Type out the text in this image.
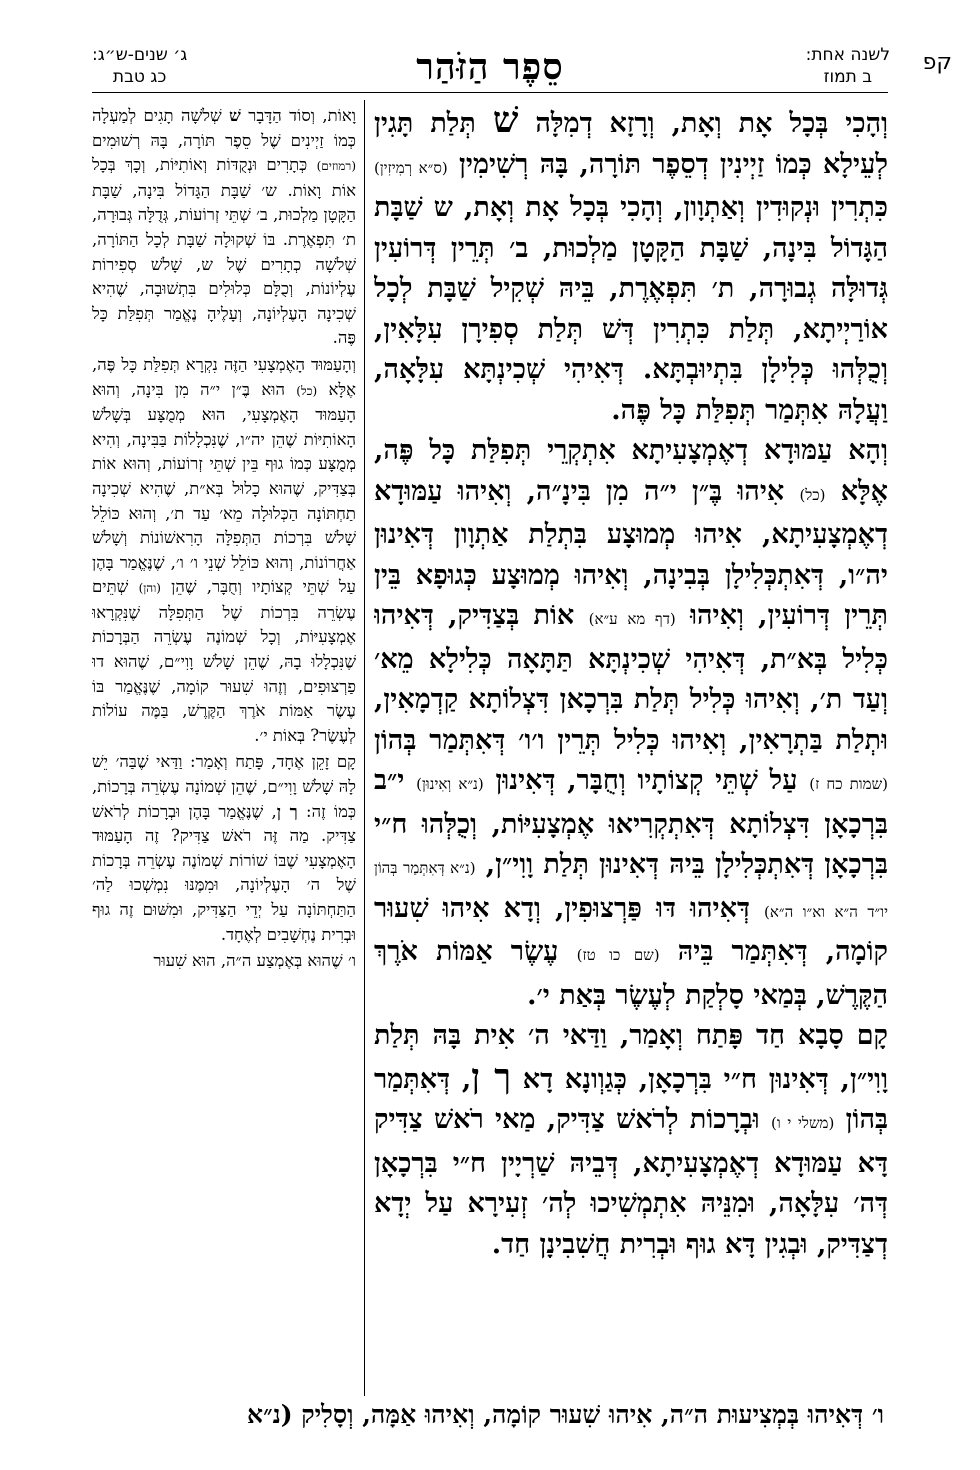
קפ
לשנה אחת:
ב תמוז
סֵפֶר הַזֹּהַר
ג׳ שנים-ש״ג:
כג טבת

וְהָכִי בְּכָל אָת וְאָת, וְרָזָא דְמִלָּה שׁ תְּלַת תָּגִין לְעֵילָא כְּמוֹ זַיְינִין דְסֵפֶר תּוֹרָה, בָּהּ רְשִׁימִין (ס״א רְמִיזִין) כִּתְרִין וּנְקוּדִין וְאַתְוָון, וְהָכִי בְּכָל אָת וְאָת, ש שַׁבָּת הַגָּדוֹל בִּינָה, שַׁבָּת הַקָּטָן מַלְכוּת, ב׳ תְּרֵין דְּרוֹעִין גְּדוּלָּה גְבוּרָה, ת׳ תִּפְאֶרֶת, בֵּיהּ שְׁקִיל שַׁבָּת לְכָל אוֹרַיְיתָא, תְּלַת כִּתְרִין דְּשׁ תְּלַת סְפִירָן עִלָּאִין, וְכֻלְּהוּ כְּלִילָן בִּתְיוּבְתָּא. דְּאִיהִי שְׁכִינְתָּא עִלָּאָה, וַעֲלָהּ אִתְּמַר תְּפִלַּת כָּל פֶּה.

וְהָא עַמּוּדָא דְאֶמְצָעִיתָא אִתְקְרֵי תְּפִלַּת כָּל פֶּה, אֶלָּא (כל) אִיהוּ בֶּ״ן י״ה מִן בִּינָ״ה, וְאִיהוּ עַמּוּדָא דְאֶמְצָעִיתָא, אִיהוּ מְמוּצָע בִּתְלַת אַתְוָון דְּאִינוּן יה״ו, דְּאִתְכְּלִילָן בְּבִינָה, וְאִיהוּ מְמוּצָע כְּגוּפָא בֵּין תְּרֵין דְּרוֹעִין, וְאִיהוּ (דף מא ע״א) אוֹת בְּצַדִּיק, דְּאִיהוּ כְּלִיל בְּא״ת, דְּאִיהִי שְׁכִינְתָּא תַּתָּאָה כְּלִילָא מֵא׳ וְעַד ת׳, וְאִיהוּ כְּלִיל תְּלַת בִּרְכָאן דִּצְלוֹתָא קַדְמָאִין, וּתְלַת בַּתְרָאִין, וְאִיהוּ כְּלִיל תְּרֵין ו׳ו׳ דְּאִתְּמַר בְּהוֹן (שמות כח ז) עַל שְׁתֵּי קְצוֹתָיו וְחֻבָּר, דְּאִינוּן (נ״א וְאִינוּן) י״ב בִּרְכָאָן דִּצְלוֹתָא דְּאִתְקְרִיאוּ אֶמְצָעִיּוֹת, וְכֻלְּהוּ ח״י בִּרְכָאָן דְּאִתְכְּלִילָן בֵּיהּ דְּאִינוּן תְּלַת וָוִי״ן, (נ״א דְּאִתְּמַר בְּהוֹן יו״ד ה״א וא״ו ה״א) דְּאִיהוּ דּוּ פַּרְצוּפִין, וְדָא אִיהוּ שִׁעוּר קוֹמָה, דְּאִתְּמַר בֵּיהּ (שם כו טז) עֶשֶׂר אַמּוֹת אֹרֶךְ הַקֶּרֶשׁ, בְּמַאי סָלְקַת לְעֶשֶׂר בְּאַת י׳.

קָם סָבָא חַד פָּתַח וְאָמַר, וַדַּאי ה׳ אִית בָּהּ תְּלַת וָוִי״ן, דְּאִינוּן ח״י בִּרְכָאָן, כְּגַוְונָא דָא ך ן, דְּאִתְּמַר בְּהוֹן (משלי י ו) וּבְרָכוֹת לְרֹאשׁ צַדִּיק, מַאי רֹאשׁ צַדִּיק דָּא עַמּוּדָא דְאֶמְצָעִיתָא, דְּבֵיהּ שַׁרְיָין ח״י בִּרְכָאָן דְּה׳ עִלָּאָה, וּמִנֵּיהּ אִתְמְשִׁיכוּ לְה׳ זְעִירָא עַל יְדָא דְצַדִּיק, וּבְגִין דָּא גוּף וּבְרִית חֲשִׁבִינָן חַד.

וָאוֹת, וְסוֹד הַדָּבָר שׁ שְׁלֹשָׁה תָגִים לְמַעְלָה כְּמוֹ זַיְינִים שֶׁל סֵפֶר תּוֹרָה, בָּהּ רְשׁוּמִים (רמוזים) כְּתָרִים וּנְקֻדּוֹת וְאוֹתִיּוֹת, וְכָךְ בְּכָל אוֹת וָאוֹת. ש׳ שַׁבָּת הַגָּדוֹל בִּינָה, שַׁבָּת הַקָּטָן מַלְכוּת, ב׳ שְׁתֵּי זְרוֹעוֹת, גְּדֻלָּה גְּבוּרָה, ת׳ תִּפְאֶרֶת. בּוֹ שְׁקוּלָה שַׁבָּת לְכָל הַתּוֹרָה, שְׁלֹשָׁה כְתָרִים שֶׁל ש, שָׁלֹשׁ סְפִירוֹת עֶלְיוֹנוֹת, וְכֻלָּם כְּלוּלִים בִּתְשׁוּבָה, שֶׁהִיא שְׁכִינָה הָעֶלְיוֹנָה, וְעָלֶיהָ נֶאֱמַר תְּפִלַּת כָּל פֶּה.

וְהָעַמּוּד הָאֶמְצָעִי הַזֶּה נִקְרָא תְּפִלַּת כָּל פֶּה, אֶלָּא (כל) הוּא בֶּ״ן י״ה מִן בִּינָה, וְהוּא הָעַמּוּד הָאֶמְצָעִי, הוּא מְמֻצָּע בְּשָׁלֹשׁ הָאוֹתִיּוֹת שֶׁהֵן יה״ו, שֶׁנִּכְלָלוֹת בַּבִּינָה, וְהִיא מְמֻצָּע כְּמוֹ גוּף בֵּין שְׁתֵּי זְרוֹעוֹת, וְהוּא אוֹת בְּצַדִּיק, שֶׁהוּא כָלוּל בְּא״ת, שֶׁהִיא שְׁכִינָה תַחְתּוֹנָה הַכְּלוּלָה מֵא׳ עַד ת׳, וְהוּא כּוֹלֵל שָׁלֹשׁ בִּרְכוֹת הַתְּפִלָּה הָרִאשׁוֹנוֹת וְשָׁלֹשׁ אַחֲרוֹנוֹת, וְהוּא כּוֹלֵל שְׁנֵי ו׳ ו׳, שֶׁנֶּאֱמַר בָּהֶן עַל שְׁתֵּי קְצוֹתָיו וְחֻבָּר, שֶׁהֵן (והן) שְׁתֵּים עֶשְׂרֵה בִּרְכוֹת שֶׁל הַתְּפִלָּה שֶׁנִּקְרָאוּ אֶמְצָעִיּוֹת, וְכָל שְׁמוֹנֶה עֶשְׂרֵה הַבְּרָכוֹת שֶׁנִּכְלָלוּ בָהּ, שֶׁהֵן שָׁלֹשׁ וָוִי״ם, שֶׁהוּא דוּ פַרְצוּפִים, וְזֶהוּ שִׁעוּר קוֹמָה, שֶׁנֶּאֱמַר בּוֹ עֶשֶׂר אַמּוֹת אֹרֶךְ הַקֶּרֶשׁ, בַּמֶּה עוֹלוֹת לְעֶשֶׂר? בְּאוֹת י׳.

קָם זָקֵן אֶחָד, פָּתַח וְאָמַר: וַדַּאי שֶׁבַּה׳ יֵשׁ לָהּ שָׁלֹשׁ וָוִי״ם, שֶׁהֵן שְׁמוֹנָה עֶשְׂרֵה בְּרָכוֹת, כְּמוֹ זֶה: ך ן, שֶׁנֶּאֱמַר בָּהֶן וּבְרָכוֹת לְרֹאשׁ צַדִּיק. מַה זֶּה רֹאשׁ צַדִּיק? זֶה הָעַמּוּד הָאֶמְצָעִי שֶׁבּוֹ שׁוֹרוֹת שְׁמוֹנֶה עֶשְׂרֵה בְּרָכוֹת שֶׁל ה׳ הָעֶלְיוֹנָה, וּמִמֶּנּוּ נִמְשְׁכוּ לַה׳ הַתַּחְתּוֹנָה עַל יְדֵי הַצַּדִּיק, וּמִשּׁוּם זֶה גוּף וּבְרִית נֶחְשָׁבִים לְאֶחָד.

ו׳ שֶׁהוּא בְּאֶמְצַע ה״ה, הוּא שִׁעוּר

ו׳ דְּאִיהוּ בְּמְצִיעוּת ה״ה, אִיהוּ שִׁעוּר קוֹמָה, וְאִיהוּ אַמָּה, וְסָלִיק (נ״א
